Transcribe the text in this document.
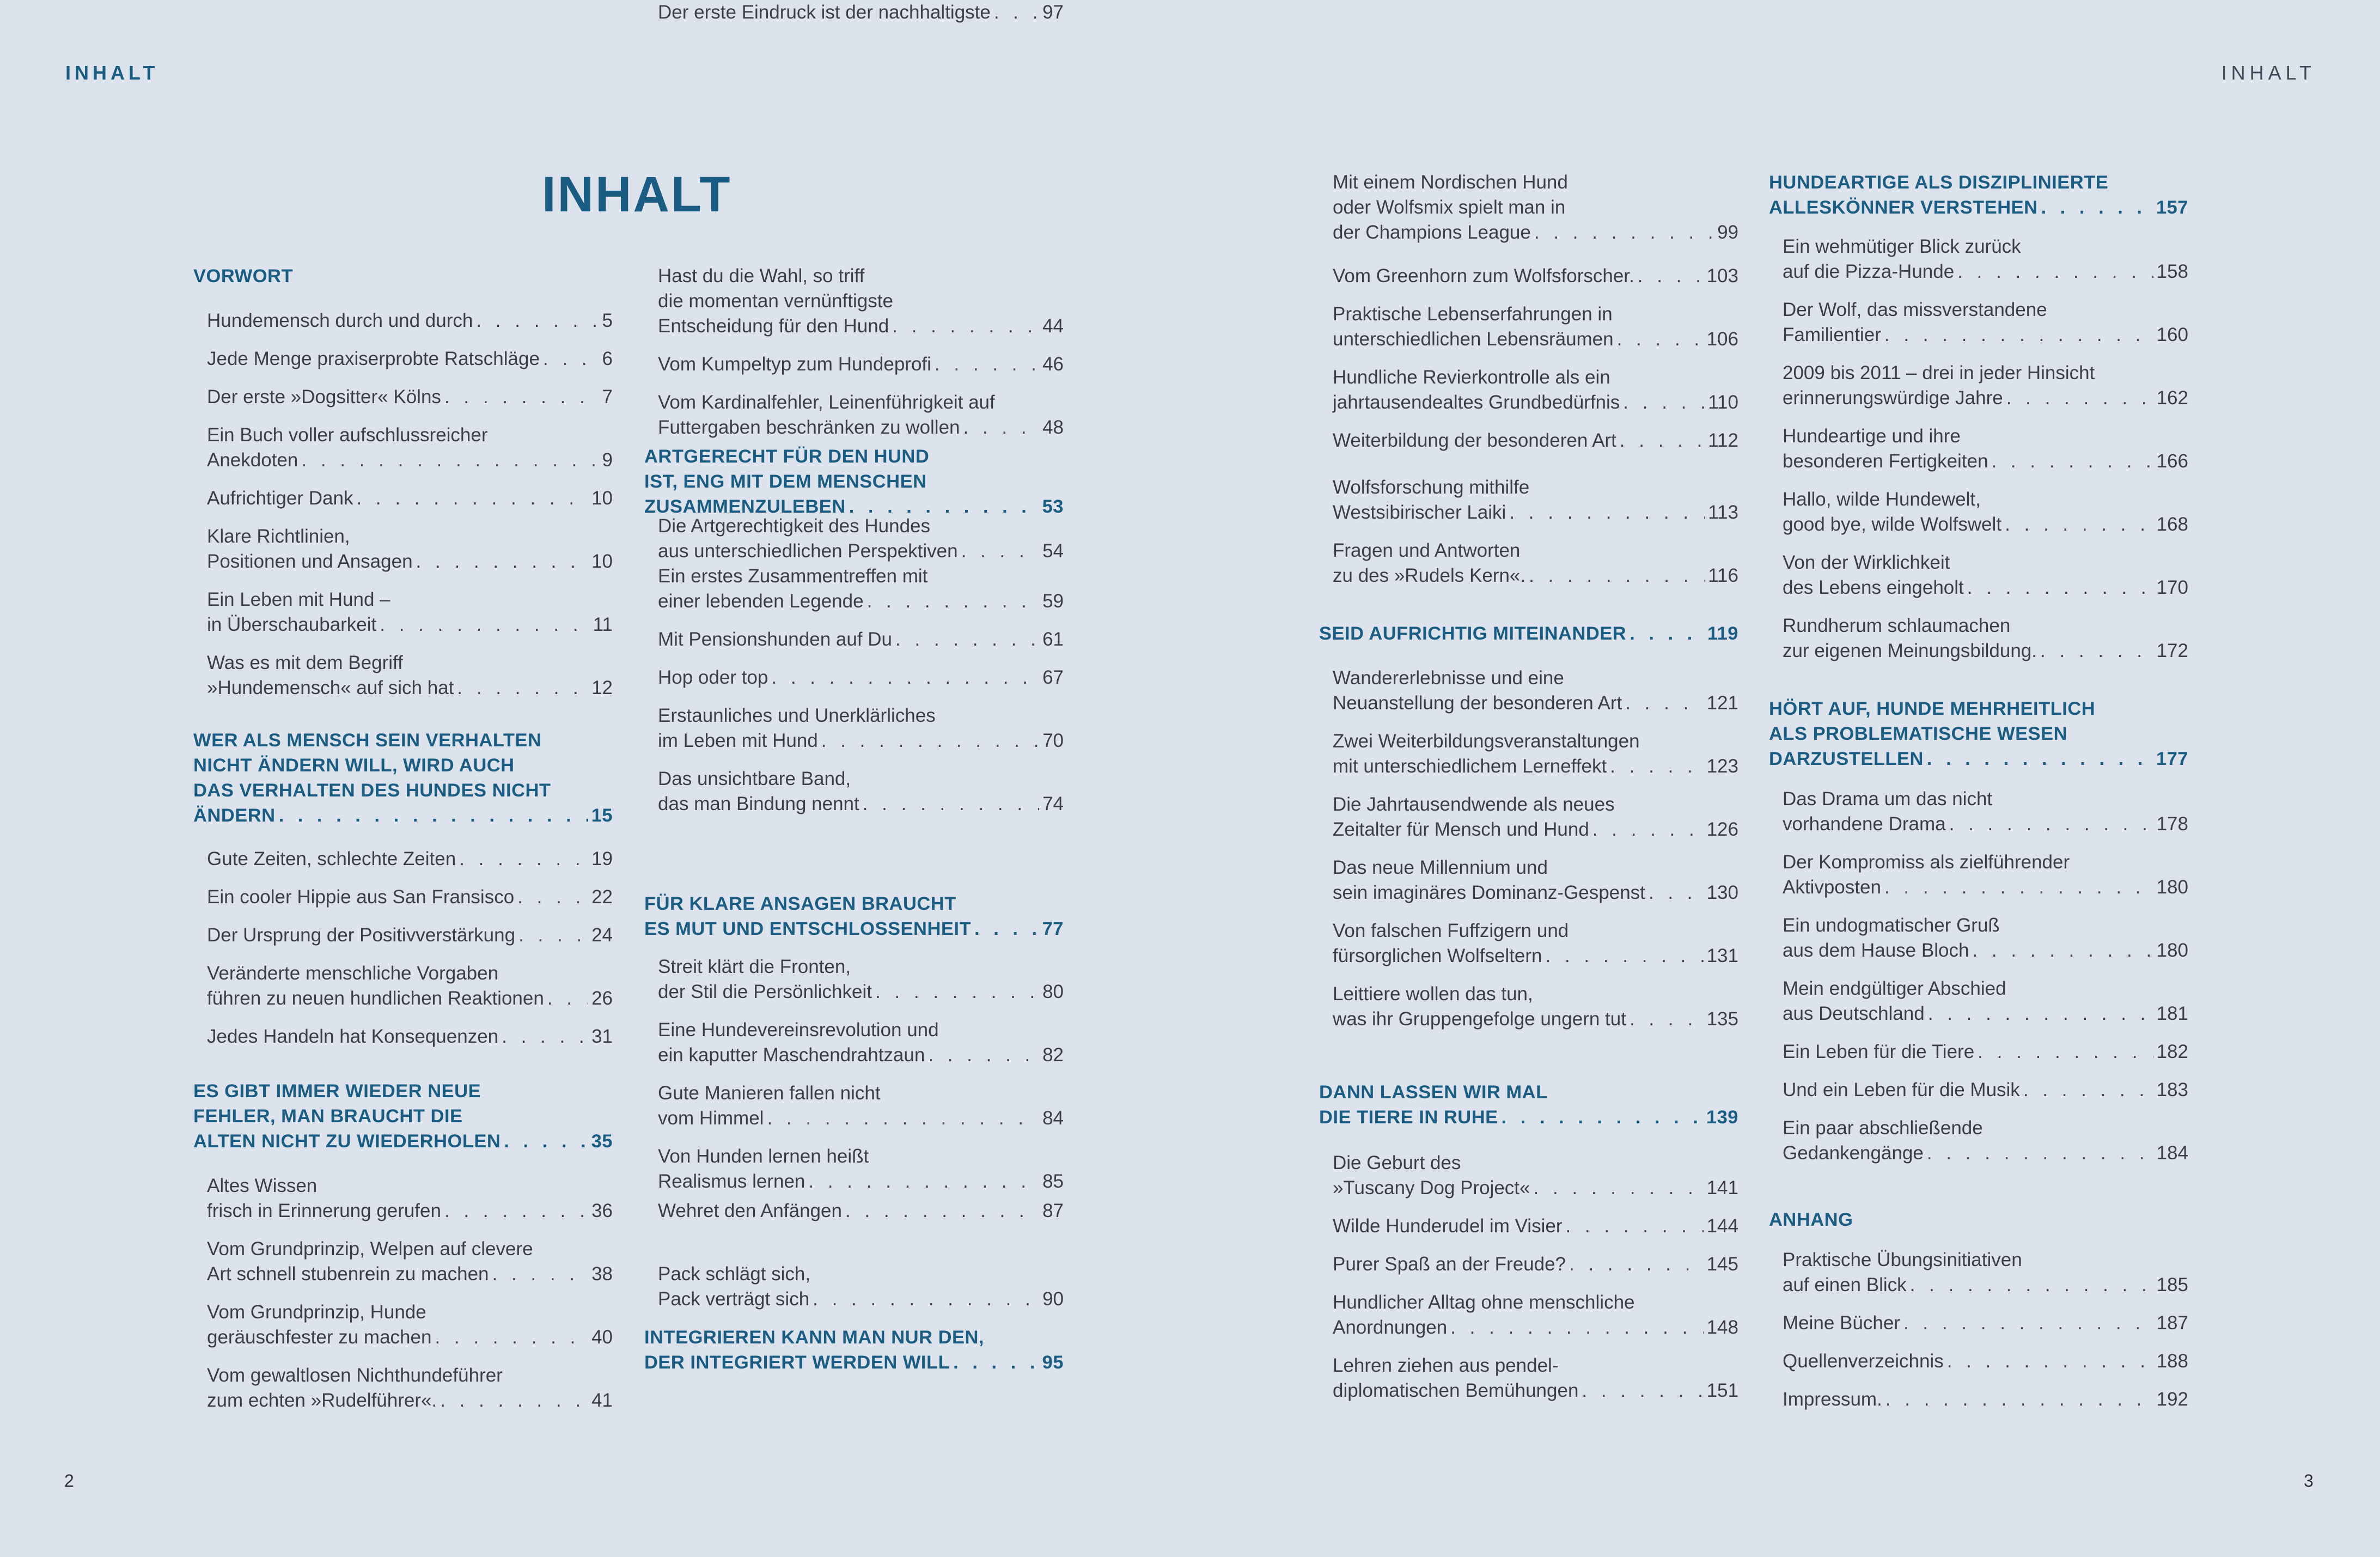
INHALT	INHALT
INHALT
VORWORT
Hundemensch durch und durch . . .	5
Jede Menge praxiserprobte Ratschläge . . .	6
Der erste »Dogsitter« Kölns . . .	7
Ein Buch voller aufschlussreicher
Anekdoten . . .	9
Aufrichtiger Dank . . .	10
Klare Richtlinien,
Positionen und Ansagen . . .	10
Ein Leben mit Hund –
in Überschaubarkeit . . .	11
Was es mit dem Begriff
»Hundemensch« auf sich hat . . .	12
WER ALS MENSCH SEIN VERHALTEN
NICHT ÄNDERN WILL, WIRD AUCH
DAS VERHALTEN DES HUNDES NICHT
ÄNDERN . . .	15
Gute Zeiten, schlechte Zeiten . . .	19
Ein cooler Hippie aus San Fransisco . . .	22
Der Ursprung der Positivverstärkung . . .	24
Veränderte menschliche Vorgaben
führen zu neuen hundlichen Reaktionen . . . 26
Jedes Handeln hat Konsequenzen . . .	31
ES GIBT IMMER WIEDER NEUE
FEHLER, MAN BRAUCHT DIE
ALTEN NICHT ZU WIEDERHOLEN . . .	35
Altes Wissen
frisch in Erinnerung gerufen . . .	36
Vom Grundprinzip, Welpen auf clevere
Art schnell stubenrein zu machen . . .	38
Vom Grundprinzip, Hunde
geräuschfester zu machen . . .	40
Vom gewaltlosen Nichthundeführer
zum echten »Rudelführer«. . . .	41
Hast du die Wahl, so triff
die momentan vernünftigste
Entscheidung für den Hund . . .	44
Vom Kumpeltyp zum Hundeprofi . . .	46
Vom Kardinalfehler, Leinenführigkeit auf
Futtergaben beschränken zu wollen . . .	48
ARTGERECHT FÜR DEN HUND
IST, ENG MIT DEM MENSCHEN
ZUSAMMENZULEBEN . . .	53
Die Artgerechtigkeit des Hundes
aus unterschiedlichen Perspektiven . . .	54
Ein erstes Zusammentreffen mit
einer lebenden Legende . . .	59
Mit Pensionshunden auf Du . . .	61
Hop oder top . . .	67
Erstaunliches und Unerklärliches
im Leben mit Hund . . .	70
Das unsichtbare Band,
das man Bindung nennt . . .	74
FÜR KLARE ANSAGEN BRAUCHT
ES MUT UND ENTSCHLOSSENHEIT . . .	77
Streit klärt die Fronten,
der Stil die Persönlichkeit . . .	80
Eine Hundevereinsrevolution und
ein kaputter Maschendrahtzaun . . .	82
Gute Manieren fallen nicht
vom Himmel . . .	84
Von Hunden lernen heißt
Realismus lernen . . .	85
Wehret den Anfängen . . .	87
Pack schlägt sich,
Pack verträgt sich . . .	90
INTEGRIEREN KANN MAN NUR DEN,
DER INTEGRIERT WERDEN WILL . . .	95
Der erste Eindruck ist der nachhaltigste . . .	97
Mit einem Nordischen Hund
oder Wolfsmix spielt man in
der Champions League . . .	99
Vom Greenhorn zum Wolfsforscher. . . .	103
Praktische Lebenserfahrungen in
unterschiedlichen Lebensräumen . . .	106
Hundliche Revierkontrolle als ein
jahrtausendealtes Grundbedürfnis . . .	110
Weiterbildung der besonderen Art . . .	112
Wolfsforschung mithilfe
Westsibirischer Laiki . . .	113
Fragen und Antworten
zu des »Rudels Kern«. . . .	116
SEID AUFRICHTIG MITEINANDER . . .	119
Wandererlebnisse und eine
Neuanstellung der besonderen Art . . .	121
Zwei Weiterbildungsveranstaltungen
mit unterschiedlichem Lerneffekt . . .	123
Die Jahrtausendwende als neues
Zeitalter für Mensch und Hund . . .	126
Das neue Millennium und
sein imaginäres Dominanz-Gespenst . . .	130
Von falschen Fuffzigern und
fürsorglichen Wolfseltern . . .	131
Leittiere wollen das tun,
was ihr Gruppengefolge ungern tut . . .	135
DANN LASSEN WIR MAL
DIE TIERE IN RUHE . . .	139
Die Geburt des
»Tuscany Dog Project« . . .	141
Wilde Hunderudel im Visier . . .	144
Purer Spaß an der Freude? . . .	145
Hundlicher Alltag ohne menschliche
Anordnungen . . .	148
Lehren ziehen aus pendel-
diplomatischen Bemühungen . . .	151
HUNDEARTIGE ALS DISZIPLINIERTE
ALLESKÖNNER VERSTEHEN . . .	157
Ein wehmütiger Blick zurück
auf die Pizza-Hunde . . .	158
Der Wolf, das missverstandene
Familientier . . .	160
2009 bis 2011 – drei in jeder Hinsicht
erinnerungswürdige Jahre . . .	162
Hundeartige und ihre
besonderen Fertigkeiten . . .	166
Hallo, wilde Hundewelt,
good bye, wilde Wolfswelt . . .	168
Von der Wirklichkeit
des Lebens eingeholt . . .	170
Rundherum schlaumachen
zur eigenen Meinungsbildung. . . .	172
HÖRT AUF, HUNDE MEHRHEITLICH
ALS PROBLEMATISCHE WESEN
DARZUSTELLEN . . .	177
Das Drama um das nicht
vorhandene Drama . . .	178
Der Kompromiss als zielführender
Aktivposten . . .	180
Ein undogmatischer Gruß
aus dem Hause Bloch . . .	180
Mein endgültiger Abschied
aus Deutschland . . .	181
Ein Leben für die Tiere . . .	182
Und ein Leben für die Musik . . .	183
Ein paar abschließende
Gedankengänge . . .	184
ANHANG
Praktische Übungsinitiativen
auf einen Blick . . .	185
Meine Bücher . . .	187
Quellenverzeichnis . . .	188
Impressum. . . .	192
2	3
